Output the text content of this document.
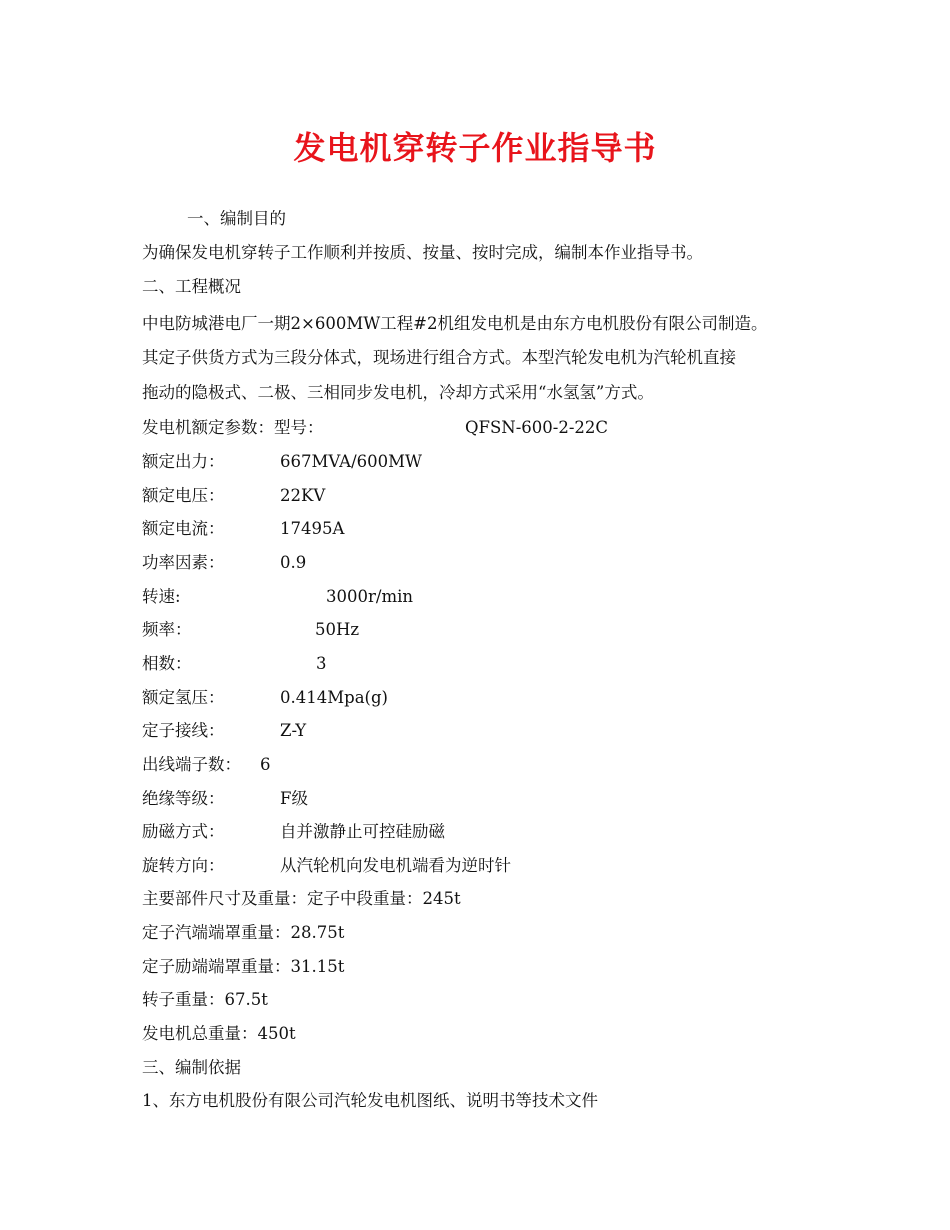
发电机穿转子作业指导书
一、编制目的
为确保发电机穿转子工作顺利并按质、按量、按时完成，编制本作业指导书。
二、工程概况
中电防城港电厂一期2×600MW工程#2机组发电机是由东方电机股份有限公司制造。
其定子供货方式为三段分体式，现场进行组合方式。本型汽轮发电机为汽轮机直接
拖动的隐极式、二极、三相同步发电机，冷却方式采用“水氢氢”方式。
发电机额定参数：型号：	QFSN-600-2-22C
额定出力：	667MVA/600MW
额定电压：	22KV
额定电流：	17495A
功率因素：	0.9
转速:	3000r/min
频率：	50Hz
相数：	3
额定氢压：	0.414Mpa(g)
定子接线：	Z-Y
出线端子数： 6
绝缘等级：	F级
励磁方式：	自并激静止可控硅励磁
旋转方向：	从汽轮机向发电机端看为逆时针
主要部件尺寸及重量：定子中段重量：245t
定子汽端端罩重量：28.75t
定子励端端罩重量：31.15t
转子重量：67.5t
发电机总重量：450t
三、编制依据
1、东方电机股份有限公司汽轮发电机图纸、说明书等技术文件
